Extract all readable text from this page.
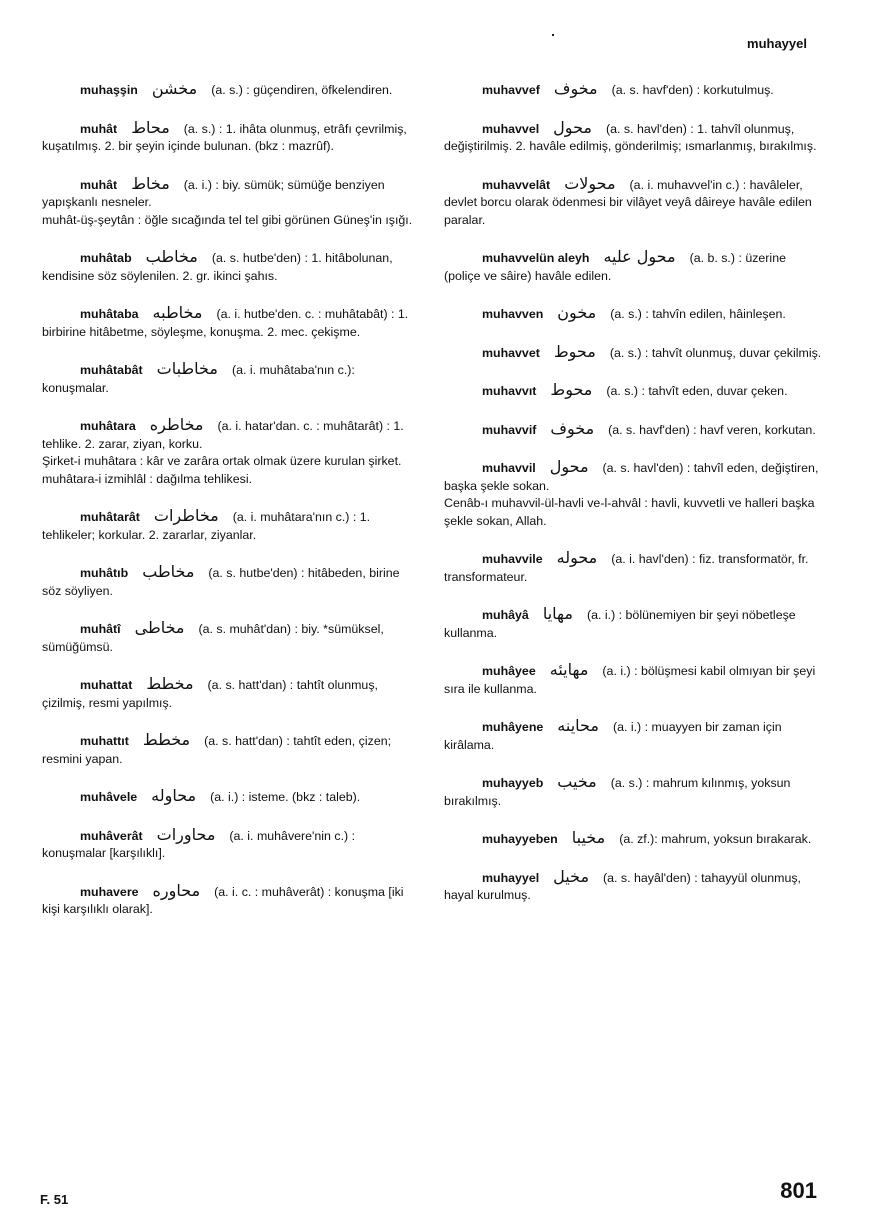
muhayyel
muhaşşin مخشن (a. s.) : güçendiren, öfkelendiren.
muhât محاط (a. s.) : 1. ihâta olunmuş, etrâfı çevrilmiş, kuşatılmış. 2. bir şeyin içinde bulunan. (bkz : mazrûf).
muhât مخاط (a. i.) : biy. sümük; sümüğe benziyen yapışkanlı nesneler.
muhât-üş-şeytân : öğle sıcağında tel tel gibi görünen Güneş'in ışığı.
muhâtab مخاطب (a. s. hutbe'den) : 1. hitâbolunan, kendisine söz söylenilen. 2. gr. ikinci şahıs.
muhâtaba مخاطبه (a. i. hutbe'den. c. : muhâtabât) : 1. birbirine hitâbetme, söyleşme, konuşma. 2. mec. çekişme.
muhâtabât مخاطبات (a. i. muhâtaba'nın c.): konuşmalar.
muhâtara مخاطره (a. i. hatar'dan. c. : muhâtarât) : 1. tehlike. 2. zarar, ziyan, korku.
Şirket-i muhâtara : kâr ve zarâra ortak olmak üzere kurulan şirket.
muhâtara-i izmihlâl : dağılma tehlikesi.
muhâtarât مخاطرات (a. i. muhâtara'nın c.) : 1. tehlikeler; korkular. 2. zararlar, ziyanlar.
muhâtıb مخاطب (a. s. hutbe'den) : hitâbeden, birine söz söyliyen.
muhâtî مخاطى (a. s. muhât'dan) : biy. *sümüksel, sümüğümsü.
muhattat مخطط (a. s. hatt'dan) : tahtît olunmuş, çizilmiş, resmi yapılmış.
muhattıt مخطط (a. s. hatt'dan) : tahtît eden, çizen; resmini yapan.
muhâvele محاوله (a. i.) : isteme. (bkz : taleb).
muhâverât محاورات (a. i. muhâvere'nin c.) : konuşmalar [karşılıklı].
muhavere محاوره (a. i. c. : muhâverât) : konuşma [iki kişi karşılıklı olarak].
muhavvef مخوف (a. s. havf'den) : korkutulmuş.
muhavvel محول (a. s. havl'den) : 1. tahvîl olunmuş, değiştirilmiş. 2. havâle edilmiş, gönderilmiş; ısmarlanmış, bırakılmış.
muhavvelât محولات (a. i. muhavvel'in c.) : havâleler, devlet borcu olarak ödenmesi bir vilâyet veyâ dâireye havâle edilen paralar.
muhavvelün aleyh محول عليه (a. b. s.) : üzerine (poliçe ve sâire) havâle edilen.
muhavven مخون (a. s.) : tahvîn edilen, hâinleşen.
muhavvet محوط (a. s.) : tahvît olunmuş, duvar çekilmiş.
muhavvıt محوط (a. s.) : tahvît eden, duvar çeken.
muhavvif مخوف (a. s. havf'den) : havf veren, korkutan.
muhavvil محول (a. s. havl'den) : tahvîl eden, değiştiren, başka şekle sokan.
Cenâb-ı muhavvil-ül-havli ve-l-ahvâl : havli, kuvvetli ve halleri başka şekle sokan, Allah.
muhavvile محوله (a. i. havl'den) : fiz. transformatör, fr. transformateur.
muhâyâ مهايا (a. i.) : bölünemiyen bir şeyi nöbetleşe kullanma.
muhâyee مهايئه (a. i.) : bölüşmesi kabil olmıyan bir şeyi sıra ile kullanma.
muhâyene محاينه (a. i.) : muayyen bir zaman için kirâlama.
muhayyeb مخيب (a. s.) : mahrum kılınmış, yoksun bırakılmış.
muhayyeben مخيبا (a. zf.): mahrum, yoksun bırakarak.
muhayyel مخيل (a. s. hayâl'den) : tahayyül olunmuş, hayal kurulmuş.
F. 51	801
